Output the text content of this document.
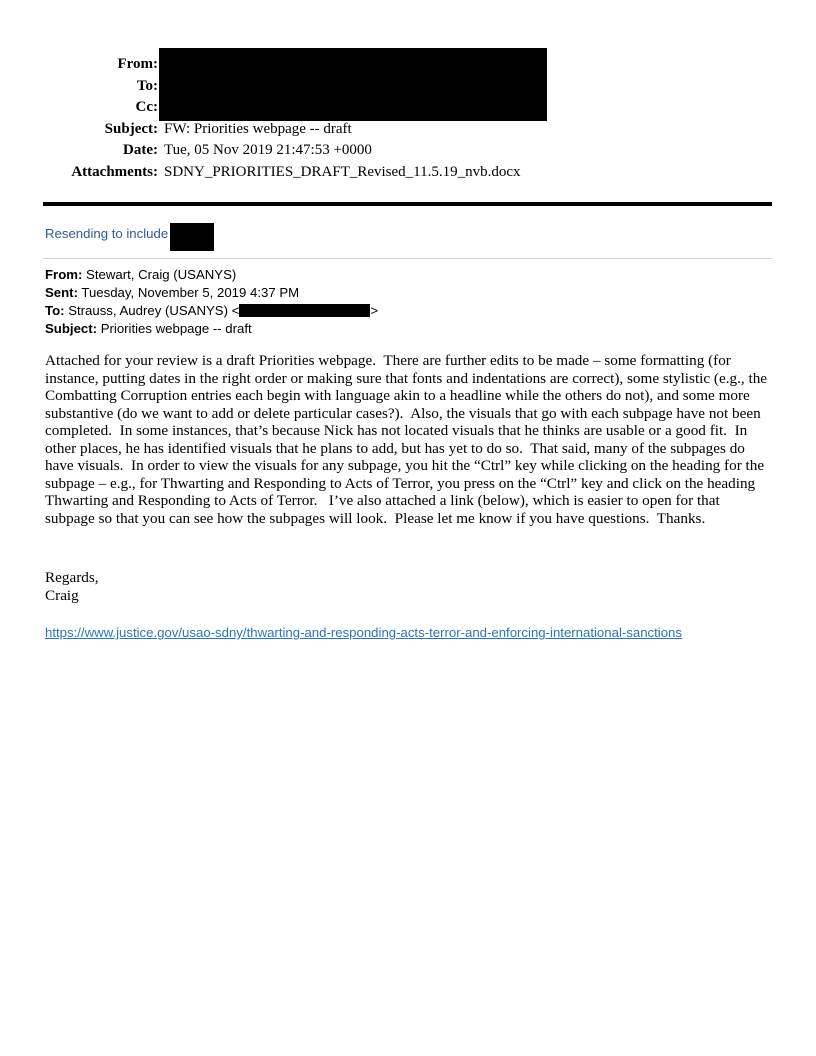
From:
To:
Cc:
Subject: FW: Priorities webpage -- draft
Date: Tue, 05 Nov 2019 21:47:53 +0000
Attachments: SDNY_PRIORITIES_DRAFT_Revised_11.5.19_nvb.docx
Resending to include
From: Stewart, Craig (USANYS)
Sent: Tuesday, November 5, 2019 4:37 PM
To: Strauss, Audrey (USANYS) <	>
Subject: Priorities webpage -- draft
Attached for your review is a draft Priorities webpage.  There are further edits to be made – some formatting (for instance, putting dates in the right order or making sure that fonts and indentations are correct), some stylistic (e.g., the Combatting Corruption entries each begin with language akin to a headline while the others do not), and some more substantive (do we want to add or delete particular cases?).  Also, the visuals that go with each subpage have not been completed.  In some instances, that’s because Nick has not located visuals that he thinks are usable or a good fit.  In other places, he has identified visuals that he plans to add, but has yet to do so.  That said, many of the subpages do have visuals.  In order to view the visuals for any subpage, you hit the “Ctrl” key while clicking on the heading for the subpage – e.g., for Thwarting and Responding to Acts of Terror, you press on the “Ctrl” key and click on the heading Thwarting and Responding to Acts of Terror.   I’ve also attached a link (below), which is easier to open for that subpage so that you can see how the subpages will look.  Please let me know if you have questions.  Thanks.
Regards,
Craig
https://www.justice.gov/usao-sdny/thwarting-and-responding-acts-terror-and-enforcing-international-sanctions
